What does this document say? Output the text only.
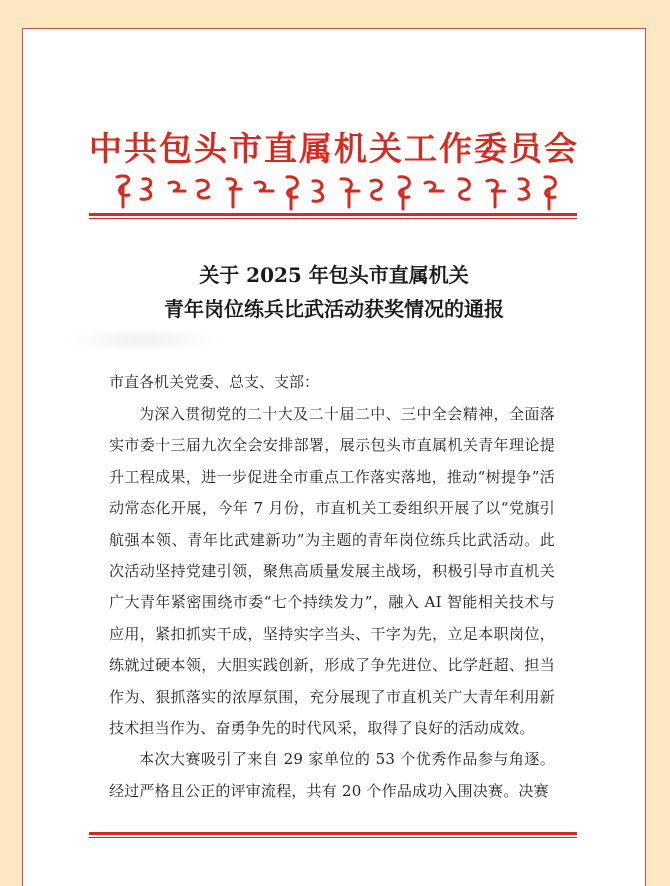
中共包头市直属机关工作委员会
关于 2025 年包头市直属机关
青年岗位练兵比武活动获奖情况的通报
市直各机关党委、总支、支部：

为深入贯彻党的二十大及二十届二中、三中全会精神，全面落实市委十三届九次全会安排部署，展示包头市直属机关青年理论提升工程成果，进一步促进全市重点工作落实落地，推动“树提争”活动常态化开展，今年 7 月份，市直机关工委组织开展了以“党旗引航强本领、青年比武建新功”为主题的青年岗位练兵比武活动。此次活动坚持党建引领，聚焦高质量发展主战场，积极引导市直机关广大青年紧密围绕市委“七个持续发力”，融入 AI 智能相关技术与应用，紧扣抓实干成，坚持实字当头、干字为先，立足本职岗位，练就过硬本领，大胆实践创新，形成了争先进位、比学赶超、担当作为、狠抓落实的浓厚氛围，充分展现了市直机关广大青年利用新技术担当作为、奋勇争先的时代风采，取得了良好的活动成效。

本次大赛吸引了来自 29 家单位的 53 个优秀作品参与角逐。经过严格且公正的评审流程，共有 20 个作品成功入围决赛。决赛
